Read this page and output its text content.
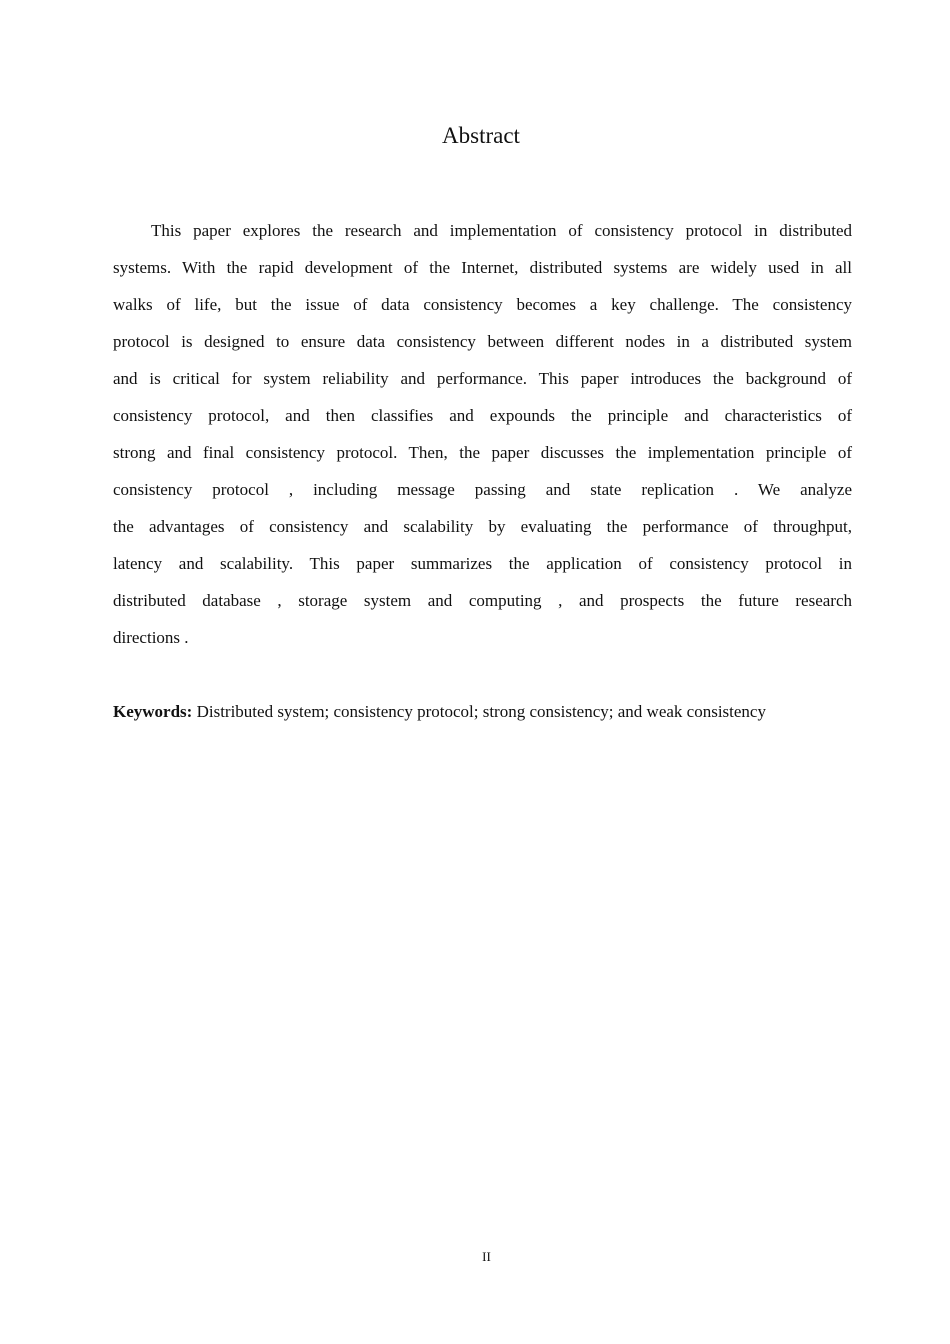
Abstract
This paper explores the research and implementation of consistency protocol in distributed
systems. With the rapid development of the Internet, distributed systems are widely used in all
walks of life, but the issue of data consistency becomes a key challenge. The consistency
protocol is designed to ensure data consistency between different nodes in a distributed system
and is critical for system reliability and performance. This paper introduces the background of
consistency protocol, and then classifies and expounds the principle and characteristics of
strong and final consistency protocol. Then, the paper discusses the implementation principle of
consistency protocol , including message passing and state replication . We analyze
the advantages of consistency and scalability by evaluating the performance of throughput,
latency and scalability. This paper summarizes the application of consistency protocol in
distributed database , storage system and computing , and prospects the future research
directions .
Keywords: Distributed system; consistency protocol; strong consistency; and weak consistency
II
